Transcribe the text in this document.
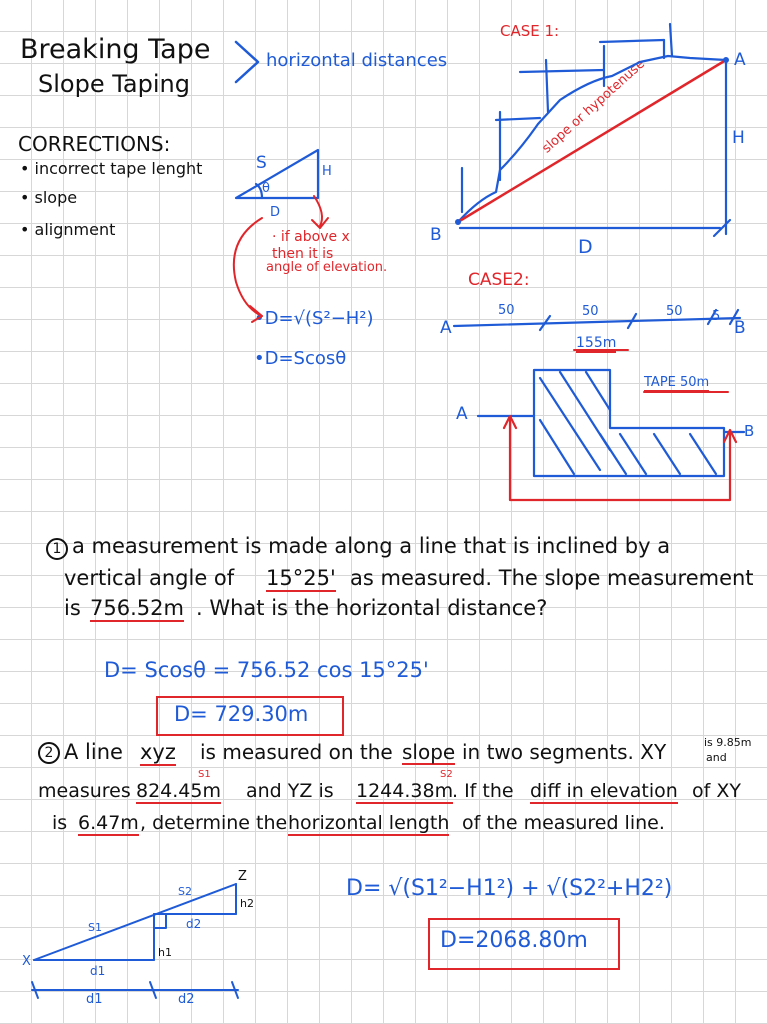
Breaking Tape
Slope Taping
horizontal distances
CORRECTIONS:
• incorrect tape lenght
• slope
• alignment
S	H
D
θ
· if above x
then it is
angle of elevation.
•D=√(S²−H²)
•D=Scosθ
CASE 1:
A
B
H
D
slope or hypotenuse
CASE2:
A	B
50	50	50 5
155m
TAPE 50m
A
B
1 a measurement is made along a line that is inclined by a
vertical angle of 15°25' as measured. The slope measurement
is 756.52m . What is the horizontal distance?
D= Scosθ = 756.52 cos 15°25'
D= 729.30m
2 A line xyz is measured on the slope in two segments. XY	is 9.85m
and
measures 824.45m
S1
and YZ is 1244.38m
S2
. If the diff in elevation of XY
is 6.47m , determine the horizontal length of the measured line.
D= √(S1²−H1²) + √(S2²+H2²)
D=2068.80m
X
Z
S1
S2
h1
h2
d1
d2
d1	d2
